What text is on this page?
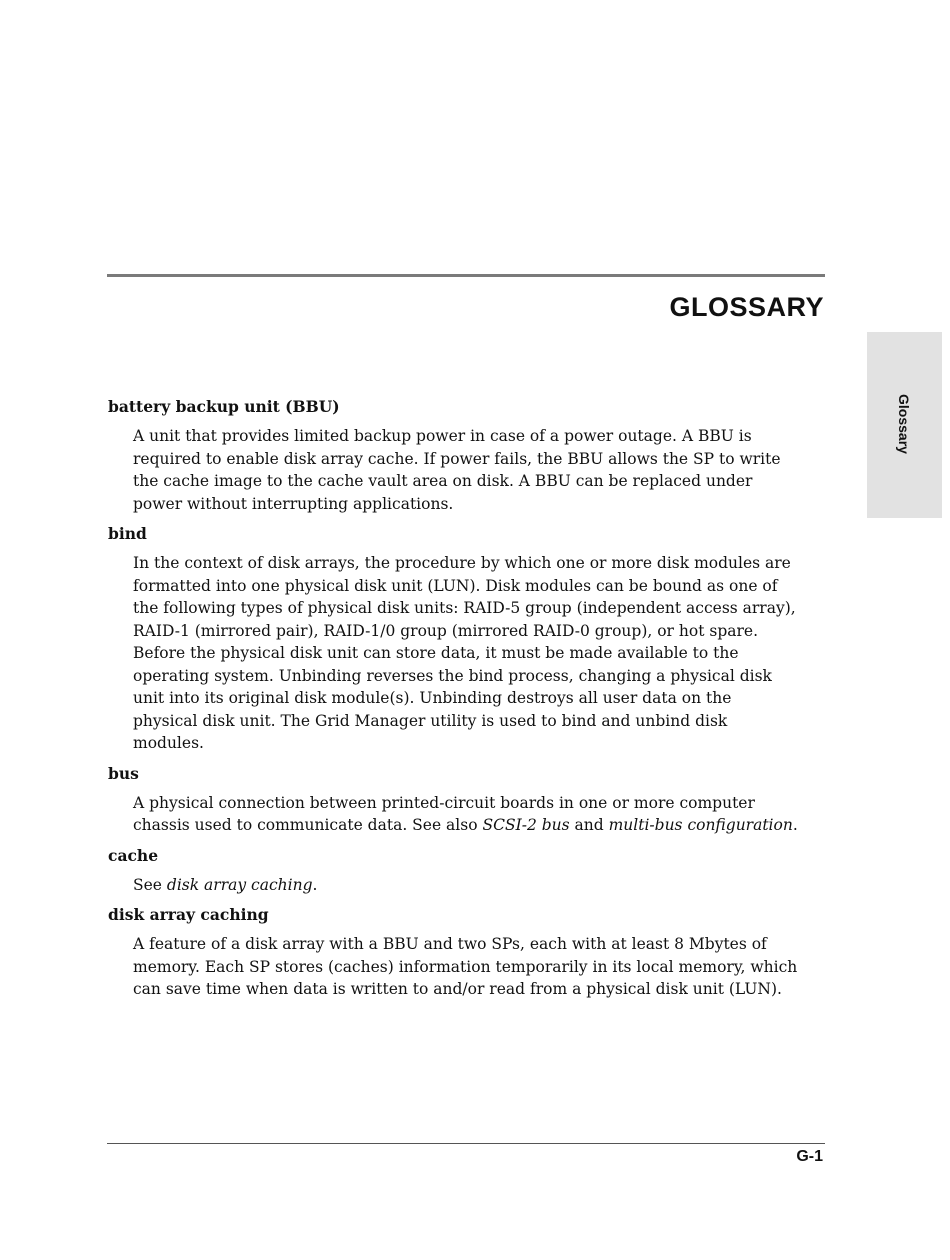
GLOSSARY
Glossary

battery backup unit (BBU)

A unit that provides limited backup power in case of a power outage. A BBU is required to enable disk array cache. If power fails, the BBU allows the SP to write the cache image to the cache vault area on disk. A BBU can be replaced under power without interrupting applications.

bind

In the context of disk arrays, the procedure by which one or more disk modules are formatted into one physical disk unit (LUN). Disk modules can be bound as one of the following types of physical disk units: RAID-5 group (independent access array), RAID-1 (mirrored pair), RAID-1/0 group (mirrored RAID-0 group), or hot spare. Before the physical disk unit can store data, it must be made available to the operating system. Unbinding reverses the bind process, changing a physical disk unit into its original disk module(s). Unbinding destroys all user data on the physical disk unit. The Grid Manager utility is used to bind and unbind disk modules.

bus

A physical connection between printed-circuit boards in one or more computer chassis used to communicate data. See also SCSI-2 bus and multi-bus configuration.

cache

See disk array caching.

disk array caching

A feature of a disk array with a BBU and two SPs, each with at least 8 Mbytes of memory. Each SP stores (caches) information temporarily in its local memory, which can save time when data is written to and/or read from a physical disk unit (LUN).

G-1
